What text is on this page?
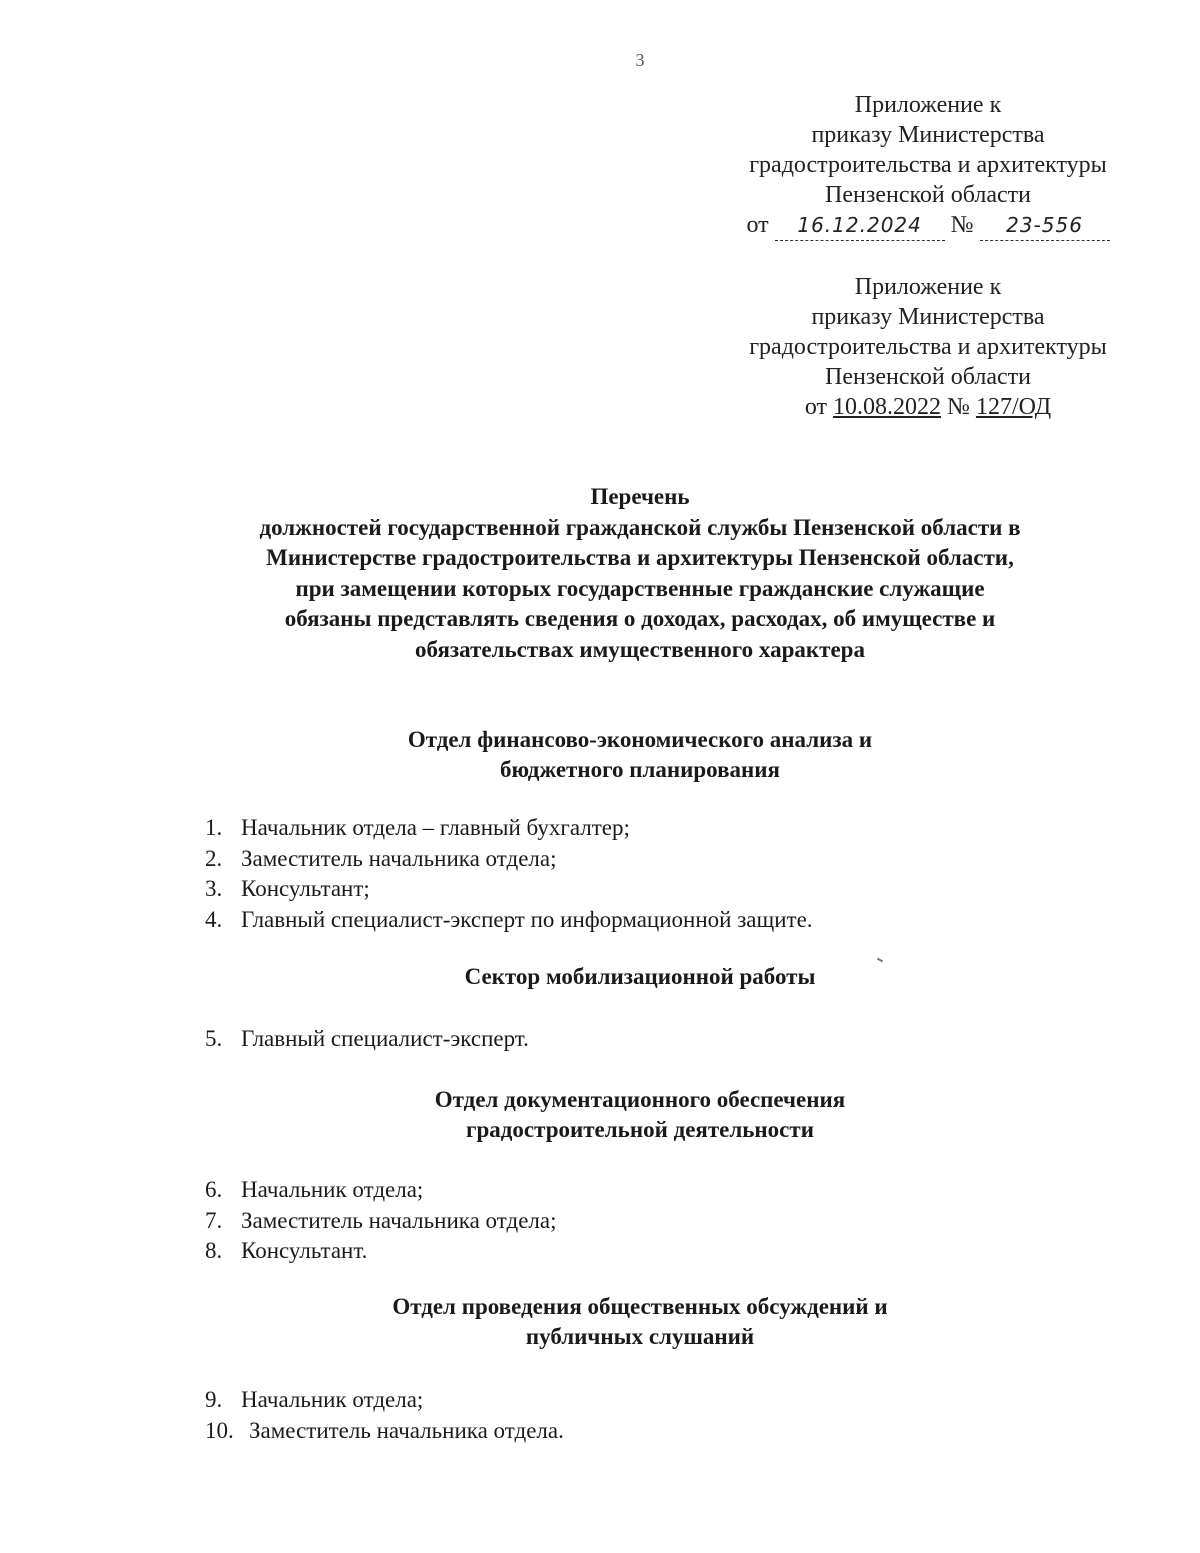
3
Приложение к
приказу Министерства
градостроительства и архитектуры
Пензенской области
от 16.12.2024 № 23-556
Приложение к
приказу Министерства
градостроительства и архитектуры
Пензенской области
от 10.08.2022 № 127/ОД
Перечень
должностей государственной гражданской службы Пензенской области в
Министерстве градостроительства и архитектуры Пензенской области,
при замещении которых государственные гражданские служащие
обязаны представлять сведения о доходах, расходах, об имуществе и
обязательствах имущественного характера
Отдел финансово-экономического анализа и
бюджетного планирования
1. Начальник отдела – главный бухгалтер;
2. Заместитель начальника отдела;
3. Консультант;
4. Главный специалист-эксперт по информационной защите.
Сектор мобилизационной работы
5. Главный специалист-эксперт.
Отдел документационного обеспечения
градостроительной деятельности
6. Начальник отдела;
7. Заместитель начальника отдела;
8. Консультант.
Отдел проведения общественных обсуждений и
публичных слушаний
9. Начальник отдела;
10. Заместитель начальника отдела.
